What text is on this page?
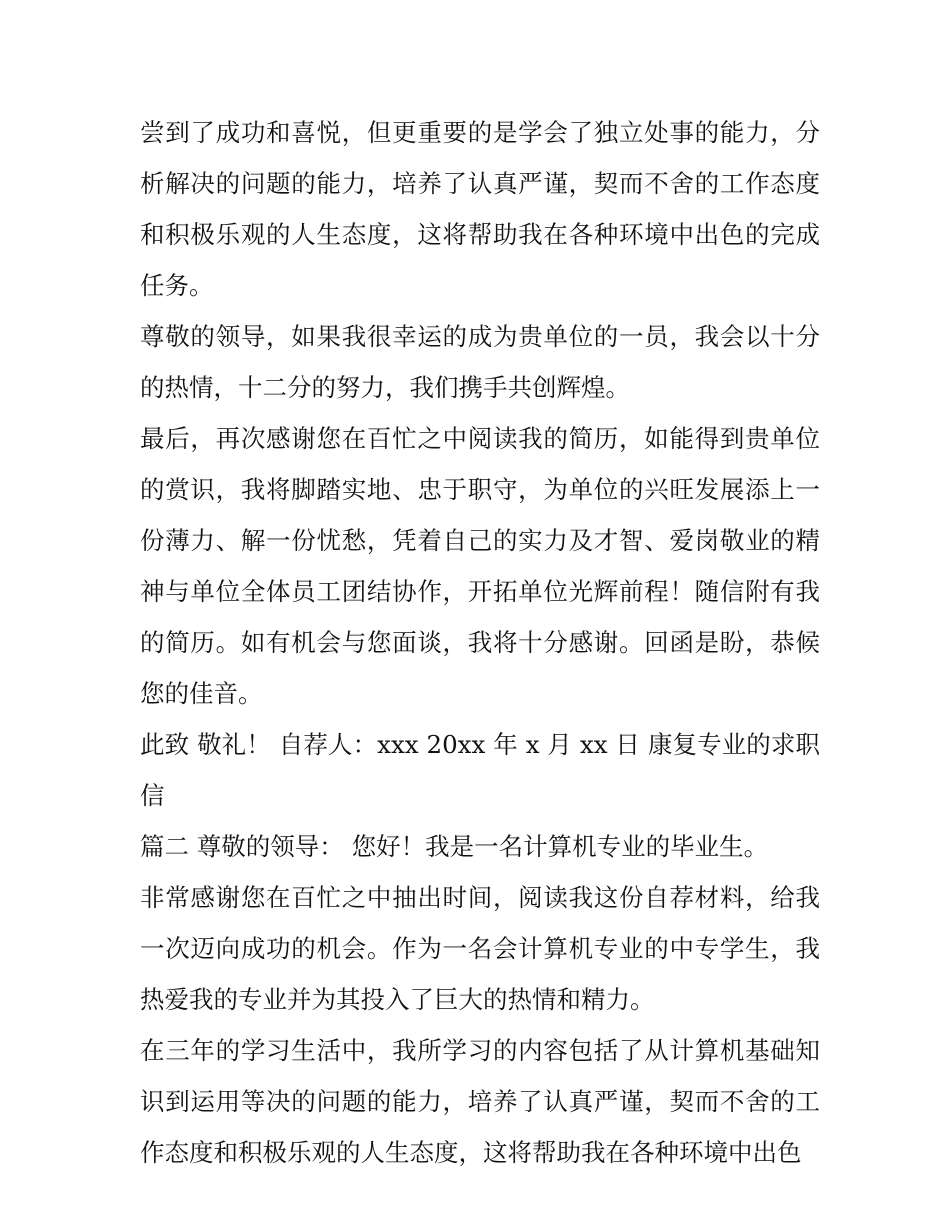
尝到了成功和喜悦，但更重要的是学会了独立处事的能力，分析解决的问题的能力，培养了认真严谨，契而不舍的工作态度和积极乐观的人生态度，这将帮助我在各种环境中出色的完成任务。

尊敬的领导，如果我很幸运的成为贵单位的一员，我会以十分的热情，十二分的努力，我们携手共创辉煌。

最后，再次感谢您在百忙之中阅读我的简历，如能得到贵单位的赏识，我将脚踏实地、忠于职守，为单位的兴旺发展添上一份薄力、解一份忧愁，凭着自己的实力及才智、爱岗敬业的精神与单位全体员工团结协作，开拓单位光辉前程！随信附有我的简历。如有机会与您面谈，我将十分感谢。回函是盼，恭候您的佳音。

此致 敬礼！ 自荐人：xxx 20xx 年 x 月 xx 日 康复专业的求职信

篇二 尊敬的领导： 您好！我是一名计算机专业的毕业生。

非常感谢您在百忙之中抽出时间，阅读我这份自荐材料，给我一次迈向成功的机会。作为一名会计算机专业的中专学生，我热爱我的专业并为其投入了巨大的热情和精力。

在三年的学习生活中，我所学习的内容包括了从计算机基础知识到运用等决的问题的能力，培养了认真严谨，契而不舍的工作态度和积极乐观的人生态度，这将帮助我在各种环境中出色
